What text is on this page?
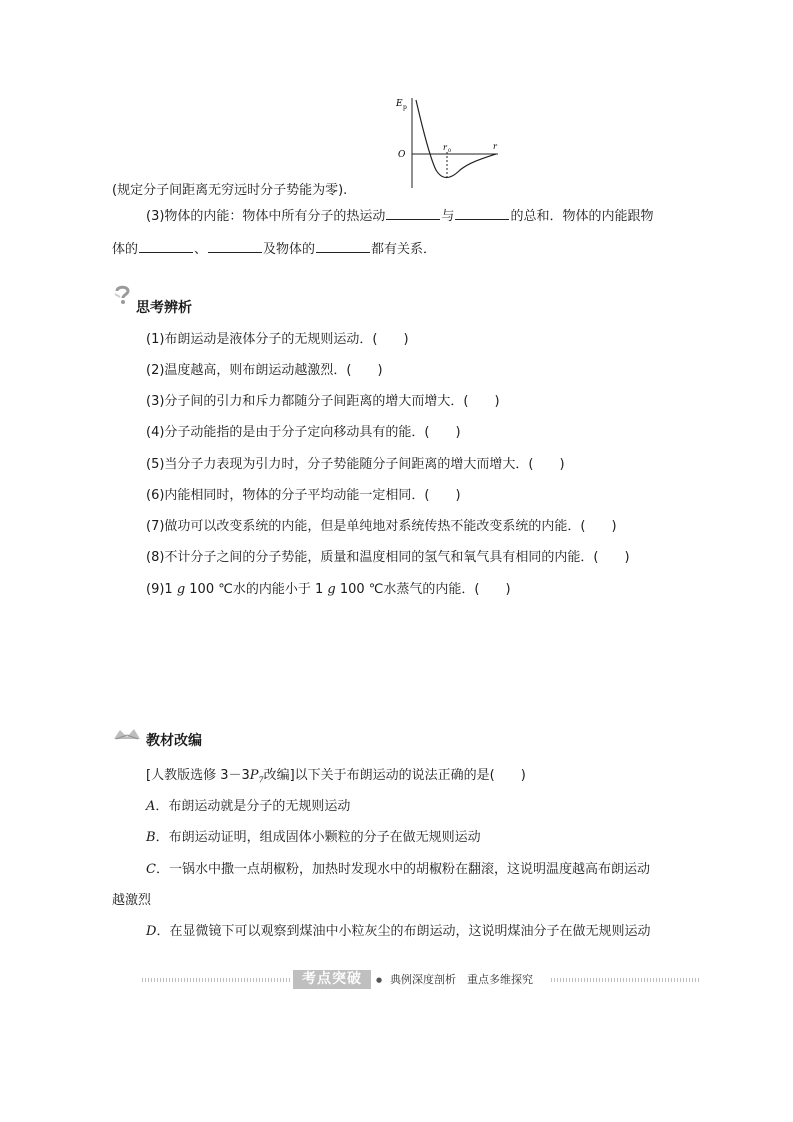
E p
O
r 0	r
(规定分子间距离无穷远时分子势能为零).
(3)物体的内能：物体中所有分子的热运动	与	的总和．物体的内能跟物
体的	、	及物体的	都有关系．
思考辨析
(1)布朗运动是液体分子的无规则运动．(　　)
(2)温度越高，则布朗运动越激烈．(　　)
(3)分子间的引力和斥力都随分子间距离的增大而增大．(　　)
(4)分子动能指的是由于分子定向移动具有的能．(　　)
(5)当分子力表现为引力时，分子势能随分子间距离的增大而增大．(　　)
(6)内能相同时，物体的分子平均动能一定相同．(　　)
(7)做功可以改变系统的内能，但是单纯地对系统传热不能改变系统的内能．(　　)
(8)不计分子之间的分子势能，质量和温度相同的氢气和氧气具有相同的内能．(　　)
(9)1 g 100 ℃水的内能小于 1 g 100 ℃水蒸气的内能．(　　)
教材改编
[人教版选修 $3-3P_7$改编]以下关于布朗运动的说法正确的是(　　)
A．布朗运动就是分子的无规则运动
B．布朗运动证明，组成固体小颗粒的分子在做无规则运动
C．一锅水中撒一点胡椒粉，加热时发现水中的胡椒粉在翻滚，这说明温度越高布朗运动
越激烈
D．在显微镜下可以观察到煤油中小粒灰尘的布朗运动，这说明煤油分子在做无规则运动
考点突破	● 典例深度剖析　重点多维探究
